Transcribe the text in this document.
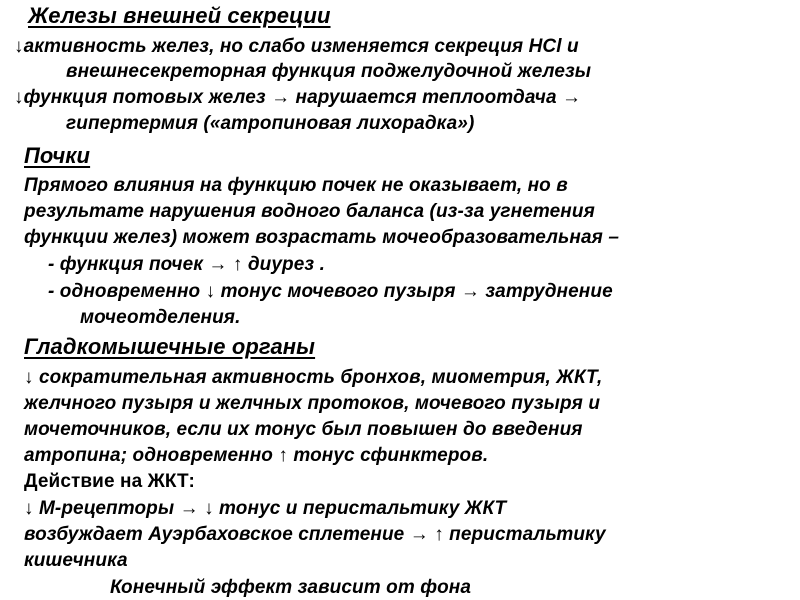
Железы внешней секреции
↓активность желез, но слабо изменяется секреция НСl и
внешнесекреторная функция поджелудочной железы
↓функция потовых желез → нарушается теплоотдача →
гипертермия («атропиновая лихорадка»)
Почки
Прямого влияния на функцию почек не оказывает, но в
результате нарушения водного баланса (из-за угнетения
функции желез) может возрастать мочеобразовательная –
- функция почек → ↑ диурез .
- одновременно ↓ тонус мочевого пузыря → затруднение
мочеотделения.
Гладкомышечные органы
↓ сократительная активность бронхов, миометрия, ЖКТ,
желчного пузыря и желчных протоков, мочевого пузыря и
мочеточников, если их тонус был повышен до введения
атропина; одновременно ↑ тонус сфинктеров.
Действие на ЖКТ:
↓ М-рецепторы → ↓ тонус и перистальтику ЖКТ
возбуждает Ауэрбаховское сплетение → ↑ перистальтику
кишечника
Конечный эффект зависит от фона
